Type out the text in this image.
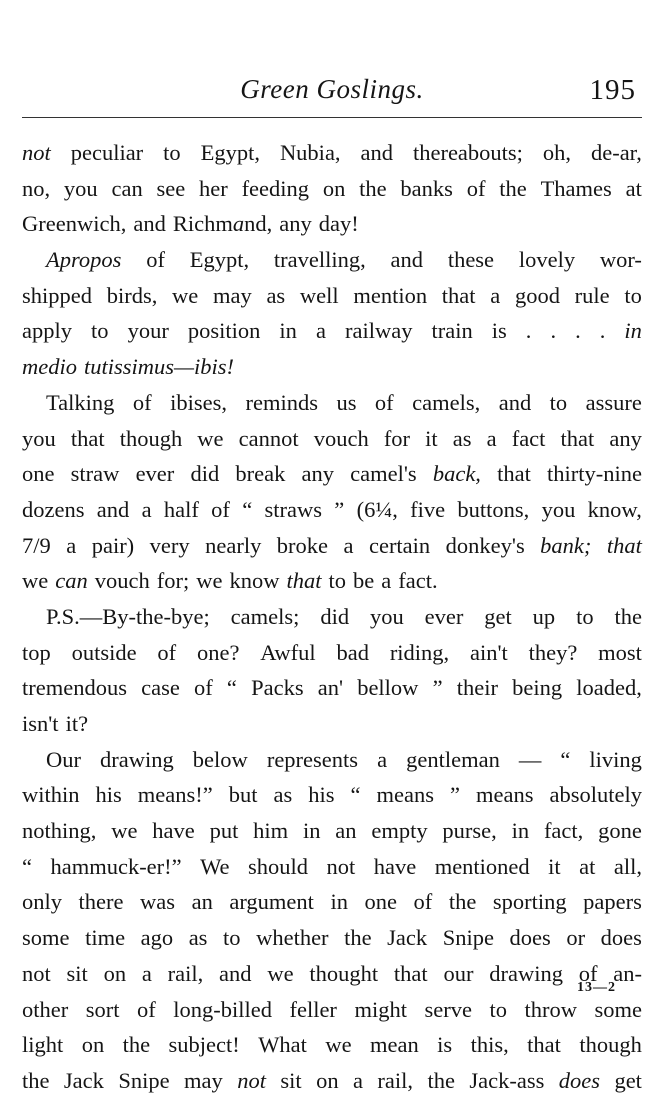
Green Goslings.	195
not peculiar to Egypt, Nubia, and thereabouts; oh, de-ar,
no, you can see her feeding on the banks of the Thames at
Greenwich, and Richmand, any day!
Apropos of Egypt, travelling, and these lovely wor-
shipped birds, we may as well mention that a good rule to
apply to your position in a railway train is . . . . in
medio tutissimus—ibis!
Talking of ibises, reminds us of camels, and to assure
you that though we cannot vouch for it as a fact that any
one straw ever did break any camel's back, that thirty-nine
dozens and a half of “ straws ” (6¼, five buttons, you know,
7/9 a pair) very nearly broke a certain donkey's bank; that
we can vouch for; we know that to be a fact.
P.S.—By-the-bye; camels; did you ever get up to the
top outside of one? Awful bad riding, ain't they? most
tremendous case of “ Packs an' bellow ” their being loaded,
isn't it?
Our drawing below represents a gentleman — “ living
within his means!” but as his “ means ” means absolutely
nothing, we have put him in an empty purse, in fact, gone
“ hammuck-er!” We should not have mentioned it at all,
only there was an argument in one of the sporting papers
some time ago as to whether the Jack Snipe does or does
not sit on a rail, and we thought that our drawing of an-
other sort of long-billed feller might serve to throw some
light on the subject! What we mean is this, that though
the Jack Snipe may not sit on a rail, the Jack-ass does get
13—2
